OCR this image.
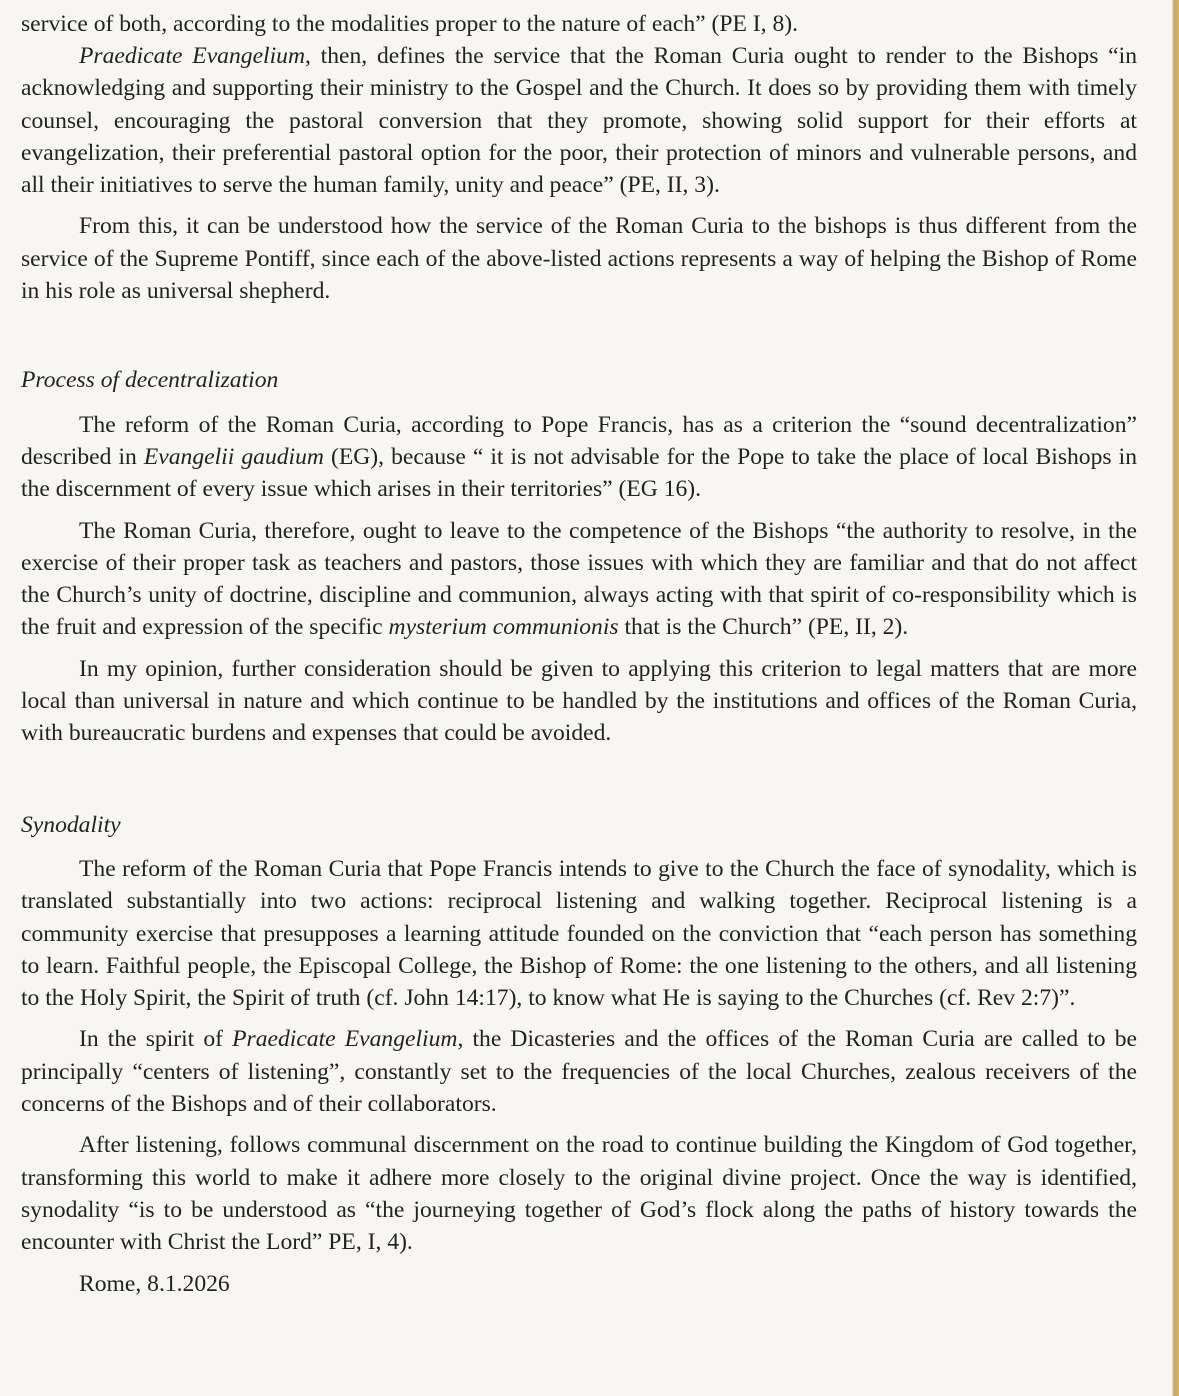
service of both, according to the modalities proper to the nature of each” (PE I, 8).

Praedicate Evangelium, then, defines the service that the Roman Curia ought to render to the Bishops “in acknowledging and supporting their ministry to the Gospel and the Church. It does so by providing them with timely counsel, encouraging the pastoral conversion that they promote, showing solid support for their efforts at evangelization, their preferential pastoral option for the poor, their protection of minors and vulnerable persons, and all their initiatives to serve the human family, unity and peace” (PE, II, 3).

From this, it can be understood how the service of the Roman Curia to the bishops is thus different from the service of the Supreme Pontiff, since each of the above-listed actions represents a way of helping the Bishop of Rome in his role as universal shepherd.

Process of decentralization

The reform of the Roman Curia, according to Pope Francis, has as a criterion the “sound decentralization” described in Evangelii gaudium (EG), because “ it is not advisable for the Pope to take the place of local Bishops in the discernment of every issue which arises in their territories” (EG 16).

The Roman Curia, therefore, ought to leave to the competence of the Bishops “the authority to resolve, in the exercise of their proper task as teachers and pastors, those issues with which they are familiar and that do not affect the Church’s unity of doctrine, discipline and communion, always acting with that spirit of co-responsibility which is the fruit and expression of the specific mysterium communionis that is the Church” (PE, II, 2).

In my opinion, further consideration should be given to applying this criterion to legal matters that are more local than universal in nature and which continue to be handled by the institutions and offices of the Roman Curia, with bureaucratic burdens and expenses that could be avoided.

Synodality

The reform of the Roman Curia that Pope Francis intends to give to the Church the face of synodality, which is translated substantially into two actions: reciprocal listening and walking together. Reciprocal listening is a community exercise that presupposes a learning attitude founded on the conviction that “each person has something to learn. Faithful people, the Episcopal College, the Bishop of Rome: the one listening to the others, and all listening to the Holy Spirit, the Spirit of truth (cf. John 14:17), to know what He is saying to the Churches (cf. Rev 2:7)”.

In the spirit of Praedicate Evangelium, the Dicasteries and the offices of the Roman Curia are called to be principally “centers of listening”, constantly set to the frequencies of the local Churches, zealous receivers of the concerns of the Bishops and of their collaborators.

After listening, follows communal discernment on the road to continue building the Kingdom of God together, transforming this world to make it adhere more closely to the original divine project. Once the way is identified, synodality “is to be understood as “the journeying together of God’s flock along the paths of history towards the encounter with Christ the Lord” PE, I, 4).

Rome, 8.1.2026
